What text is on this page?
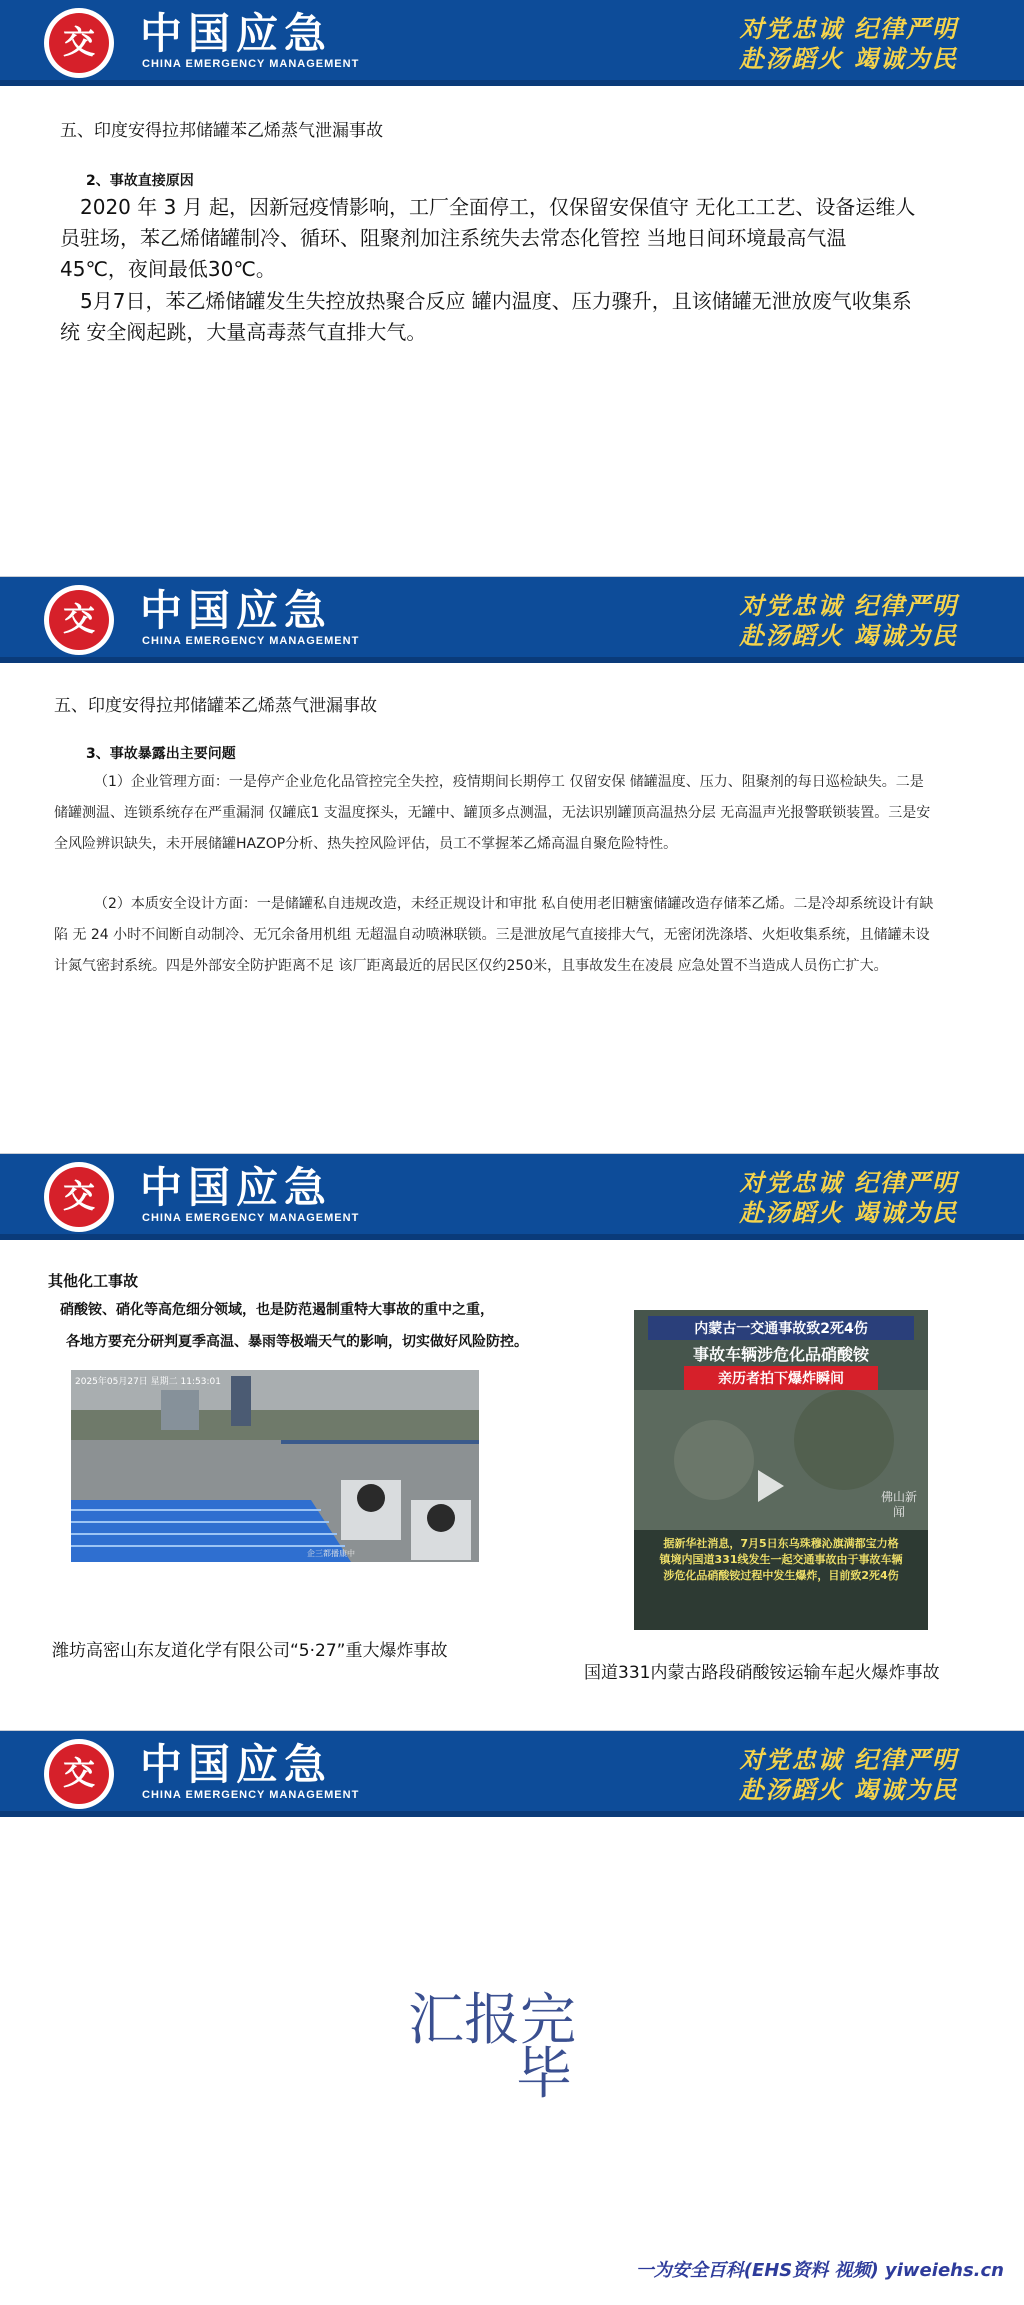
交	中国应急
CHINA EMERGENCY MANAGEMENT
对党忠诚 纪律严明
赴汤蹈火 竭诚为民
五、印度安得拉邦储罐苯乙烯蒸气泄漏事故
2、事故直接原因
2020 年 3 月 起，因新冠疫情影响，工厂全面停工，仅保留安保值守 无化工工艺、设备运维人员驻场，苯乙烯储罐制冷、循环、阻聚剂加注系统失去常态化管控 当地日间环境最高气温 45℃，夜间最低30℃。
5月7日，苯乙烯储罐发生失控放热聚合反应 罐内温度、压力骤升，且该储罐无泄放废气收集系统 安全阀起跳，大量高毒蒸气直排大气。
交	中国应急
CHINA EMERGENCY MANAGEMENT
对党忠诚 纪律严明
赴汤蹈火 竭诚为民
五、印度安得拉邦储罐苯乙烯蒸气泄漏事故
3、事故暴露出主要问题
（1）企业管理方面：一是停产企业危化品管控完全失控，疫情期间长期停工 仅留安保 储罐温度、压力、阻聚剂的每日巡检缺失。二是储罐测温、连锁系统存在严重漏洞 仅罐底1 支温度探头，无罐中、罐顶多点测温，无法识别罐顶高温热分层 无高温声光报警联锁装置。三是安全风险辨识缺失，未开展储罐HAZOP分析、热失控风险评估，员工不掌握苯乙烯高温自聚危险特性。
（2）本质安全设计方面：一是储罐私自违规改造，未经正规设计和审批 私自使用老旧糖蜜储罐改造存储苯乙烯。二是冷却系统设计有缺陷 无 24 小时不间断自动制冷、无冗余备用机组 无超温自动喷淋联锁。三是泄放尾气直接排大气，无密闭洗涤塔、火炬收集系统，且储罐未设计氮气密封系统。四是外部安全防护距离不足 该厂距离最近的居民区仅约250米，且事故发生在凌晨 应急处置不当造成人员伤亡扩大。
交	中国应急
CHINA EMERGENCY MANAGEMENT
对党忠诚 纪律严明
赴汤蹈火 竭诚为民
其他化工事故
硝酸铵、硝化等高危细分领域，也是防范遏制重特大事故的重中之重，
各地方要充分研判夏季高温、暴雨等极端天气的影响，切实做好风险防控。
2025年05月27日 星期二 11:53:01
企三都播康中
内蒙古一交通事故致2死4伤
事故车辆涉危化品硝酸铵
亲历者拍下爆炸瞬间
佛山新闻
据新华社消息，7月5日东乌珠穆沁旗满都宝力格镇境内国道331线发生一起交通事故由于事故车辆涉危化品硝酸铵过程中发生爆炸，目前致2死4伤
潍坊高密山东友道化学有限公司“5·27”重大爆炸事故
国道331内蒙古路段硝酸铵运输车起火爆炸事故
交	中国应急
CHINA EMERGENCY MANAGEMENT
对党忠诚 纪律严明
赴汤蹈火 竭诚为民
汇报完
毕
一为安全百科(EHS资料 视频) yiweiehs.cn
